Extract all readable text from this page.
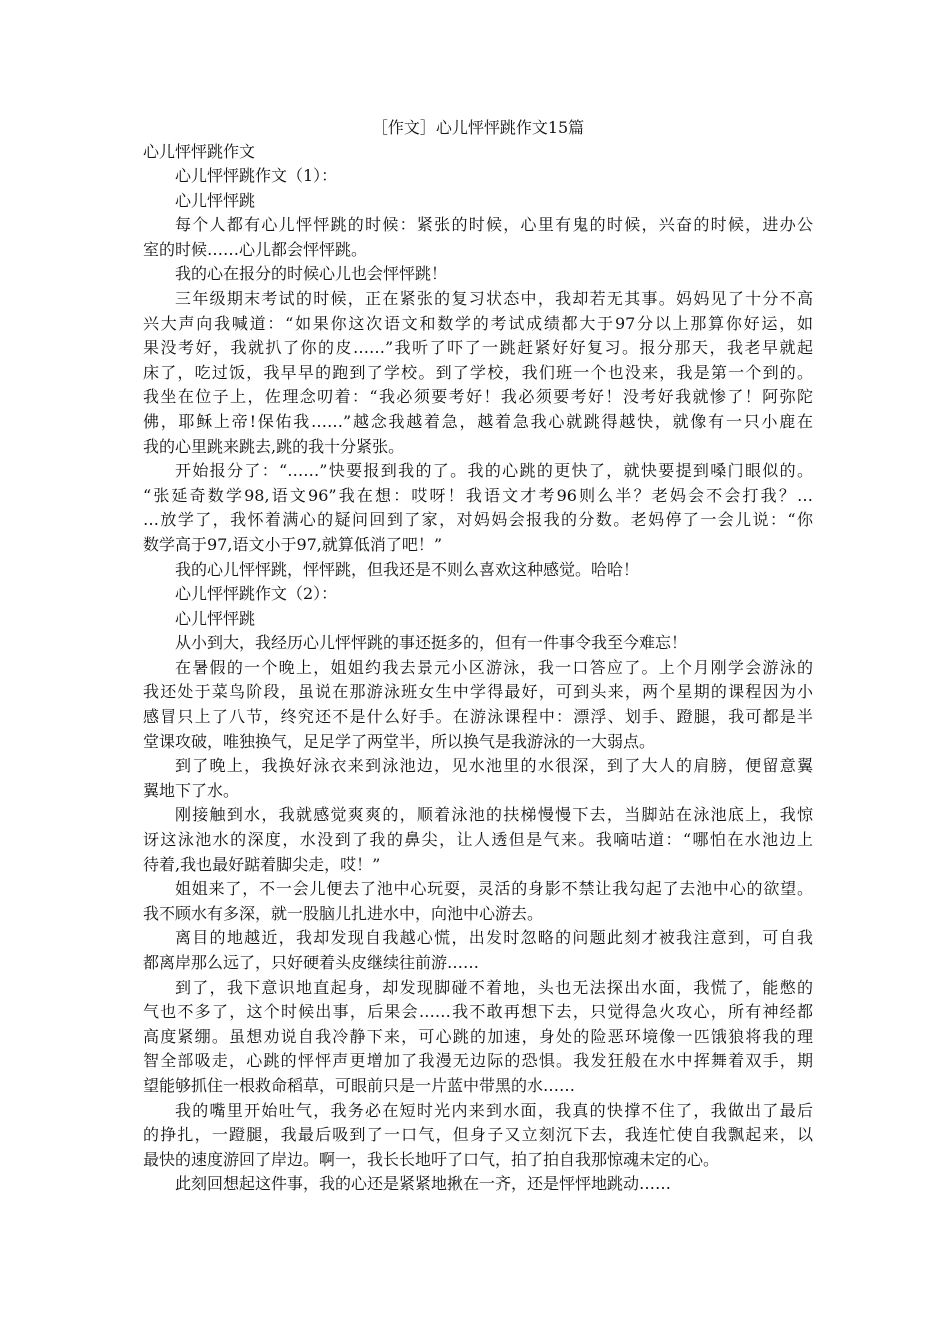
［作文］心儿怦怦跳作文15篇
心儿怦怦跳作文
心儿怦怦跳作文（1）：
心儿怦怦跳
每个人都有心儿怦怦跳的时候：紧张的时候，心里有鬼的时候，兴奋的时候，进办公
室的时候……心儿都会怦怦跳。
我的心在报分的时候心儿也会怦怦跳！
三年级期末考试的时候，正在紧张的复习状态中，我却若无其事。妈妈见了十分不高
兴大声向我喊道：“如果你这次语文和数学的考试成绩都大于97分以上那算你好运，如
果没考好，我就扒了你的皮……”我听了吓了一跳赶紧好好复习。报分那天，我老早就起
床了，吃过饭，我早早的跑到了学校。到了学校，我们班一个也没来，我是第一个到的。
我坐在位子上，佐理念叨着：“我必须要考好！我必须要考好！没考好我就惨了！阿弥陀
佛，耶稣上帝!保佑我……”越念我越着急，越着急我心就跳得越快，就像有一只小鹿在
我的心里跳来跳去,跳的我十分紧张。
开始报分了：“……”快要报到我的了。我的心跳的更快了，就快要提到嗓门眼似的。
“张延奇数学98,语文96”我在想：哎呀！我语文才考96则么半？老妈会不会打我？…
…放学了，我怀着满心的疑问回到了家，对妈妈会报我的分数。老妈停了一会儿说：“你
数学高于97,语文小于97,就算低消了吧！”
我的心儿怦怦跳，怦怦跳，但我还是不则么喜欢这种感觉。哈哈！
心儿怦怦跳作文（2）：
心儿怦怦跳
从小到大，我经历心儿怦怦跳的事还挺多的，但有一件事令我至今难忘！
在暑假的一个晚上，姐姐约我去景元小区游泳，我一口答应了。上个月刚学会游泳的
我还处于菜鸟阶段，虽说在那游泳班女生中学得最好，可到头来，两个星期的课程因为小
感冒只上了八节，终究还不是什么好手。在游泳课程中：漂浮、划手、蹬腿，我可都是半
堂课攻破，唯独换气，足足学了两堂半，所以换气是我游泳的一大弱点。
到了晚上，我换好泳衣来到泳池边，见水池里的水很深，到了大人的肩膀，便留意翼
翼地下了水。
刚接触到水，我就感觉爽爽的，顺着泳池的扶梯慢慢下去，当脚站在泳池底上，我惊
讶这泳池水的深度，水没到了我的鼻尖，让人透但是气来。我嘀咕道：“哪怕在水池边上
待着,我也最好踮着脚尖走，哎！”
姐姐来了，不一会儿便去了池中心玩耍，灵活的身影不禁让我勾起了去池中心的欲望。
我不顾水有多深，就一股脑儿扎进水中，向池中心游去。
离目的地越近，我却发现自我越心慌，出发时忽略的问题此刻才被我注意到，可自我
都离岸那么远了，只好硬着头皮继续往前游……
到了，我下意识地直起身，却发现脚碰不着地，头也无法探出水面，我慌了，能憋的
气也不多了，这个时候出事，后果会……我不敢再想下去，只觉得急火攻心，所有神经都
高度紧绷。虽想劝说自我冷静下来，可心跳的加速，身处的险恶环境像一匹饿狼将我的理
智全部吸走，心跳的怦怦声更增加了我漫无边际的恐惧。我发狂般在水中挥舞着双手，期
望能够抓住一根救命稻草，可眼前只是一片蓝中带黑的水……
我的嘴里开始吐气，我务必在短时光内来到水面，我真的快撑不住了，我做出了最后
的挣扎，一蹬腿，我最后吸到了一口气，但身子又立刻沉下去，我连忙使自我飘起来，以
最快的速度游回了岸边。啊一，我长长地吁了口气，拍了拍自我那惊魂未定的心。
此刻回想起这件事，我的心还是紧紧地揪在一齐，还是怦怦地跳动……
